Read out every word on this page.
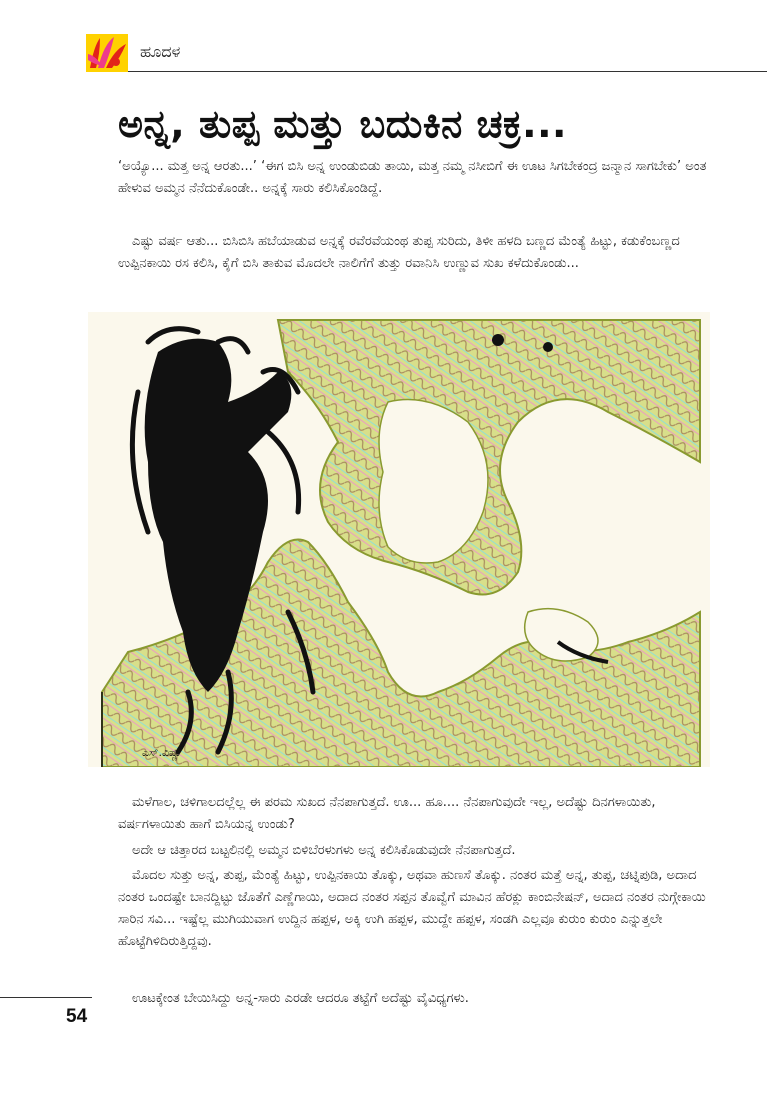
ಹೂದಳ
ಅನ್ನ, ತುಪ್ಪ ಮತ್ತು ಬದುಕಿನ ಚಕ್ರ...

‘ಅಯ್ಯೊ... ಮತ್ತ ಅನ್ನ ಆರತು...’ ‘ಈಗ ಬಿಸಿ ಅನ್ನ ಉಂಡುಬಿಡು ತಾಯಿ, ಮತ್ತ ನಮ್ಮ ನಸೀಬಿಗೆ ಈ ಊಟ ಸಿಗಬೇಕಂದ್ರ ಜನ್ಮಾನ ಸಾಗಬೇಕು’ ಅಂತ ಹೇಳುವ ಅಮ್ಮನ ನೆನೆದುಕೊಂಡೇ.. ಅನ್ನಕ್ಕೆ ಸಾರು ಕಲಿಸಿಕೊಂಡಿದ್ದೆ.

ಎಷ್ಟು ವರ್ಷ ಆತು... ಬಿಸಿಬಿಸಿ ಹಬೆಯಾಡುವ ಅನ್ನಕ್ಕೆ ರವೆರವೆಯಂಥ ತುಪ್ಪ ಸುರಿದು, ತಿಳೀ ಹಳದಿ ಬಣ್ಣದ ಮೆಂತ್ಯೆ ಹಿಟ್ಟು, ಕಡುಕೆಂಬಣ್ಣದ ಉಪ್ಪಿನಕಾಯಿ ರಸ ಕಲಿಸಿ, ಕೈಗೆ ಬಿಸಿ ತಾಕುವ ಮೊದಲೇ ನಾಲಿಗೆಗೆ ತುತ್ತು ರವಾನಿಸಿ ಉಣ್ಣುವ ಸುಖ ಕಳೆದುಕೊಂಡು...

ಎಸ್.ವಿಷ್ಣು

ಮಳೆಗಾಲ, ಚಳಿಗಾಲದಲ್ಲೆಲ್ಲ ಈ ಪರಮ ಸುಖದ ನೆನಪಾಗುತ್ತದೆ. ಊ... ಹೂ.... ನೆನಪಾಗುವುದೇ ಇಲ್ಲ, ಅದೆಷ್ಟು ದಿನಗಳಾಯಿತು, ವರ್ಷಗಳಾಯಿತು ಹಾಗೆ ಬಿಸಿಯನ್ನ ಉಂಡು?

ಅದೇ ಆ ಚಿತ್ತಾರದ ಬಟ್ಟಲಿನಲ್ಲಿ ಅಮ್ಮನ ಬಿಳಿಬೆರಳುಗಳು ಅನ್ನ ಕಲಿಸಿಕೊಡುವುದೇ ನೆನಪಾಗುತ್ತದೆ.

ಮೊದಲ ಸುತ್ತು ಅನ್ನ, ತುಪ್ಪ, ಮೆಂತ್ಯೆ ಹಿಟ್ಟು, ಉಪ್ಪಿನಕಾಯಿ ತೊಕ್ಕು, ಅಥವಾ ಹುಣಸೆ ತೊಕ್ಕು. ನಂತರ ಮತ್ತೆ ಅನ್ನ, ತುಪ್ಪ, ಚಟ್ನಿಪುಡಿ, ಅದಾದ ನಂತರ ಒಂದಷ್ಟೇ ಬಾನದ್ದಿಟ್ಟು ಜೊತೆಗೆ ಎಣ್ಣೆಗಾಯಿ, ಅದಾದ ನಂತರ ಸಪ್ಪನ ತೊವ್ವೆಗೆ ಮಾವಿನ ಹೆರಕ್ಲು ಕಾಂಬಿನೇಷನ್, ಅದಾದ ನಂತರ ನುಗ್ಗೇಕಾಯಿ ಸಾರಿನ ಸವಿ... ಇಷ್ಟೆಲ್ಲ ಮುಗಿಯುವಾಗ ಉದ್ದಿನ ಹಪ್ಪಳ, ಅಕ್ಕಿ ಉಗಿ ಹಪ್ಪಳ, ಮುದ್ದೇ ಹಪ್ಪಳ, ಸಂಡಗಿ ಎಲ್ಲವೂ ಕುರುಂ ಕುರುಂ ಎನ್ನುತ್ತಲೇ ಹೊಟ್ಟೆಗಿಳಿದಿರುತ್ತಿದ್ದವು.

ಊಟಕ್ಕೇಂತ ಬೇಯಿಸಿದ್ದು ಅನ್ನ-ಸಾರು ಎರಡೇ ಆದರೂ ತಟ್ಟೆಗೆ ಅದೆಷ್ಟು ವೈವಿಧ್ಯಗಳು.

54
